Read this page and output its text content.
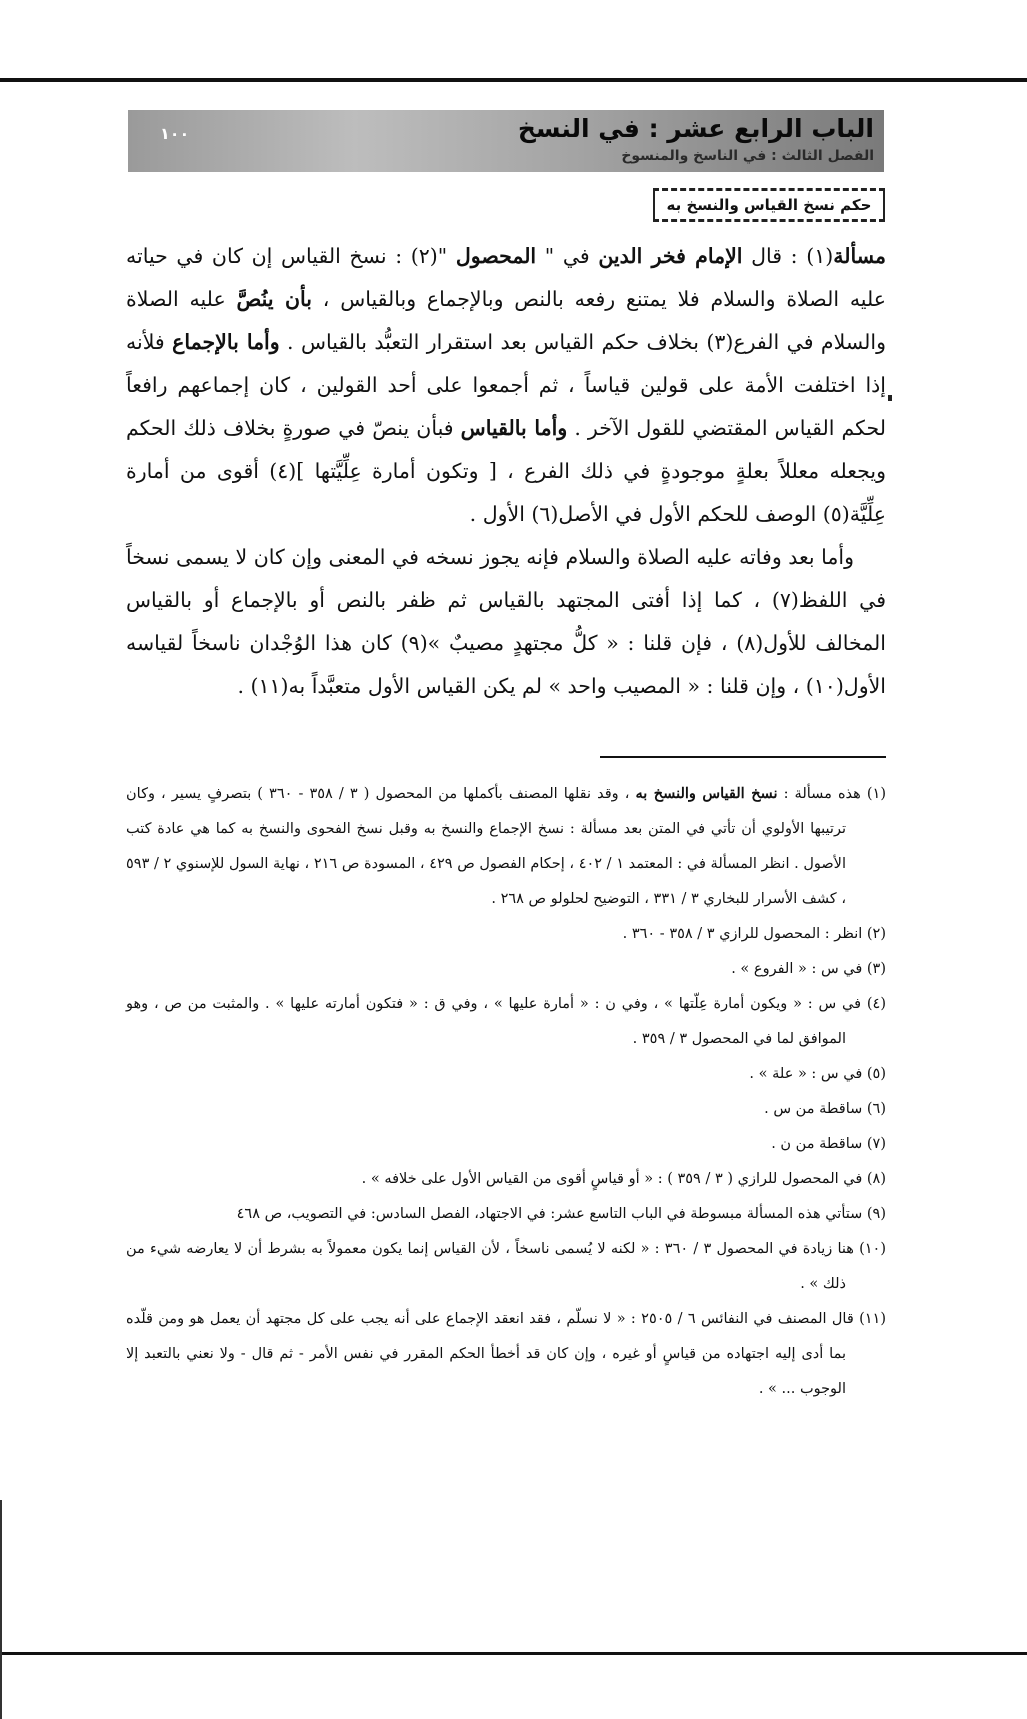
الباب الرابع عشر : في النسخ
الفصل الثالث : في الناسخ والمنسوخ
١٠٠
حكم نسخ القياس والنسخ به

مسألة(١) : قال الإمام فخر الدين في " المحصول "(٢) : نسخ القياس إن كان في حياته عليه الصلاة والسلام فلا يمتنع رفعه بالنص وبالإجماع وبالقياس ، بأن ينُصَّ عليه الصلاة والسلام في الفرع(٣) بخلاف حكم القياس بعد استقرار التعبُّد بالقياس . وأما بالإجماع فلأنه إذا اختلفت الأمة على قولين قياساً ، ثم أجمعوا على أحد القولين ، كان إجماعهم رافعاً لحكم القياس المقتضي للقول الآخر . وأما بالقياس فبأن ينصّ في صورةٍ بخلاف ذلك الحكم ويجعله معللاً بعلةٍ موجودةٍ في ذلك الفرع ، [ وتكون أمارة عِلِّيَّتها ](٤) أقوى من أمارة عِلِّيَّة(٥) الوصف للحكم الأول في الأصل(٦) الأول .

وأما بعد وفاته عليه الصلاة والسلام فإنه يجوز نسخه في المعنى وإن كان لا يسمى نسخاً في اللفظ(٧) ، كما إذا أفتى المجتهد بالقياس ثم ظفر بالنص أو بالإجماع أو بالقياس المخالف للأول(٨) ، فإن قلنا : « كلُّ مجتهدٍ مصيبٌ »(٩) كان هذا الوُجْدان ناسخاً لقياسه الأول(١٠) ، وإن قلنا : « المصيب واحد » لم يكن القياس الأول متعبَّداً به(١١) .

(١) هذه مسألة : نسخ القياس والنسخ به ، وقد نقلها المصنف بأكملها من المحصول ( ٣ / ٣٥٨ - ٣٦٠ ) بتصرفٍ يسير ، وكان ترتيبها الأولوي أن تأتي في المتن بعد مسألة : نسخ الإجماع والنسخ به وقبل نسخ الفحوى والنسخ به كما هي عادة كتب الأصول . انظر المسألة في : المعتمد ١ / ٤٠٢ ، إحكام الفصول ص ٤٢٩ ، المسودة ص ٢١٦ ، نهاية السول للإسنوي ٢ / ٥٩٣ ، كشف الأسرار للبخاري ٣ / ٣٣١ ، التوضيح لحلولو ص ٢٦٨ .

(٢) انظر : المحصول للرازي ٣ / ٣٥٨ - ٣٦٠ .

(٣) في س : « الفروع » .

(٤) في س : « ويكون أمارة عِلّتها » ، وفي ن : « أمارة عليها » ، وفي ق : « فتكون أمارته عليها » . والمثبت من ص ، وهو الموافق لما في المحصول ٣ / ٣٥٩ .

(٥) في س : « علة » .

(٦) ساقطة من س .

(٧) ساقطة من ن .

(٨) في المحصول للرازي ( ٣ / ٣٥٩ ) : « أو قياسٍ أقوى من القياس الأول على خلافه » .

(٩) ستأتي هذه المسألة مبسوطة في الباب التاسع عشر: في الاجتهاد، الفصل السادس: في التصويب، ص ٤٦٨

(١٠) هنا زيادة في المحصول ٣ / ٣٦٠ : « لكنه لا يُسمى ناسخاً ، لأن القياس إنما يكون معمولاً به بشرط أن لا يعارضه شيء من ذلك » .

(١١) قال المصنف في النفائس ٦ / ٢٥٠٥ : « لا نسلّم ، فقد انعقد الإجماع على أنه يجب على كل مجتهد أن يعمل هو ومن قلّده بما أدى إليه اجتهاده من قياسٍ أو غيره ، وإن كان قد أخطأ الحكم المقرر في نفس الأمر - ثم قال - ولا نعني بالتعبد إلا الوجوب ... » .
